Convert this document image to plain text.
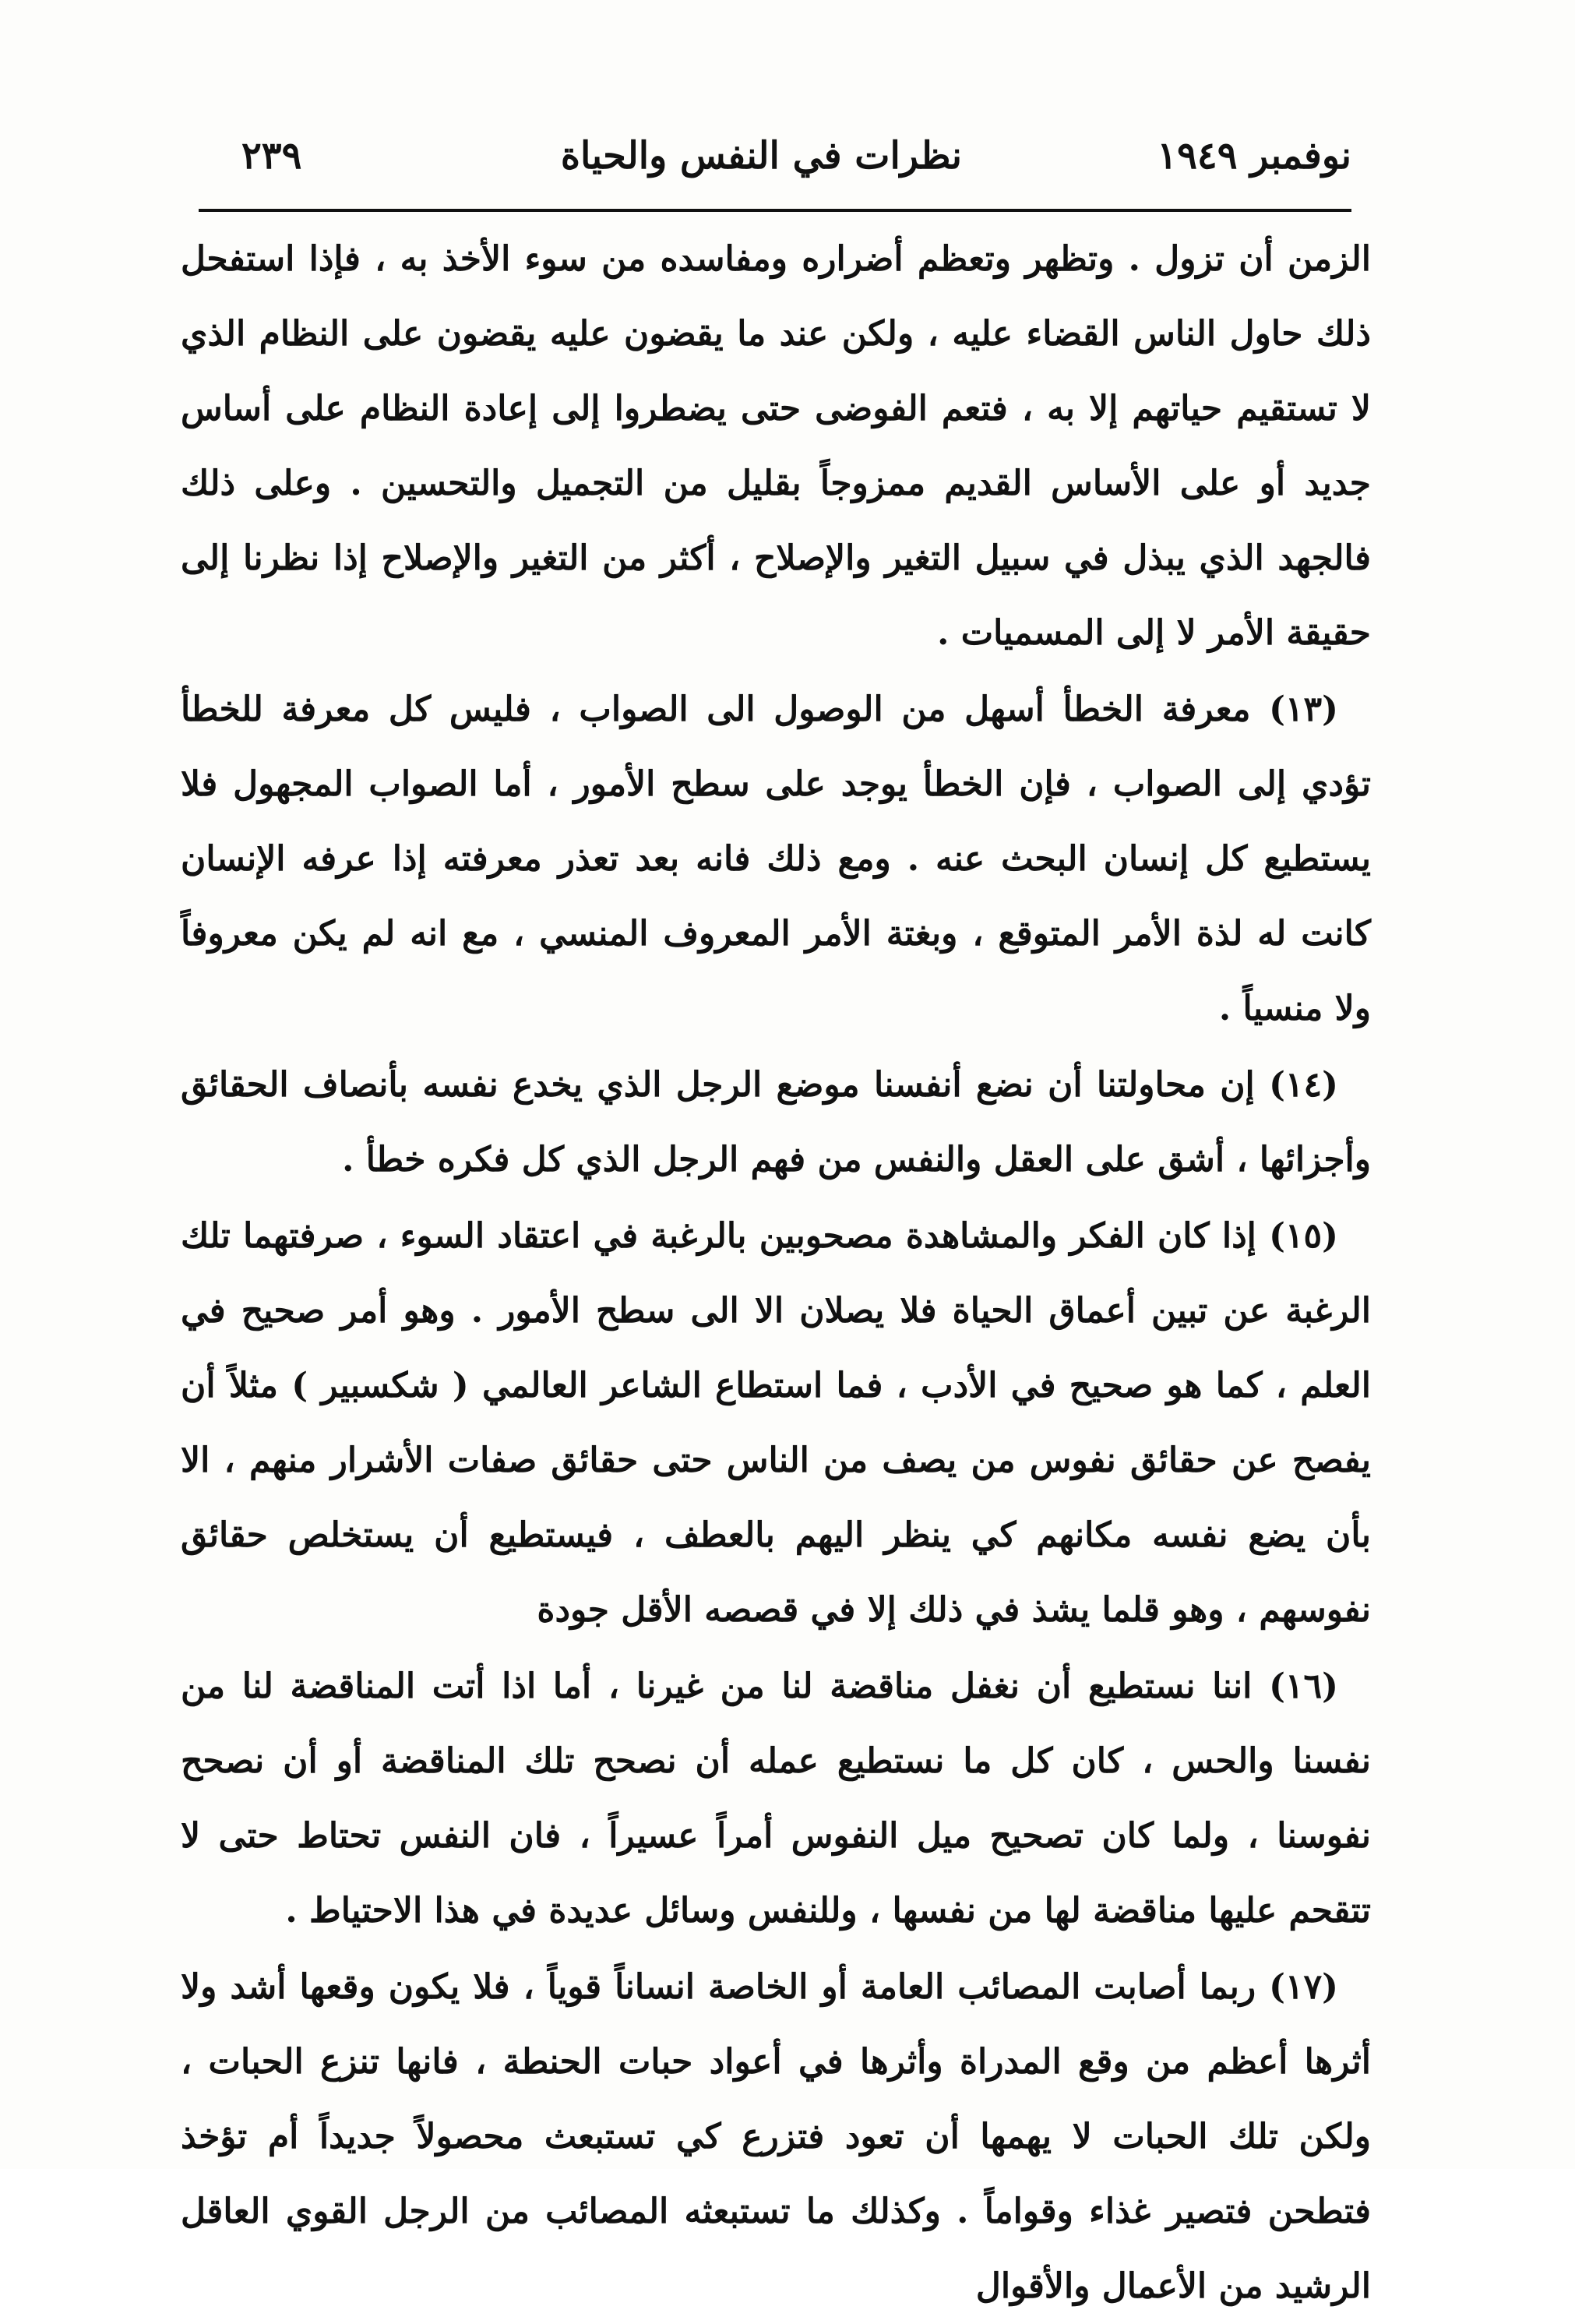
نوفمبر ١٩٤٩
نظرات في النفس والحياة
٢٣٩

الزمن أن تزول . وتظهر وتعظم أضراره ومفاسده من سوء الأخذ به ، فإذا استفحل ذلك حاول الناس القضاء عليه ، ولكن عند ما يقضون عليه يقضون على النظام الذي لا تستقيم حياتهم إلا به ، فتعم الفوضى حتى يضطروا إلى إعادة النظام على أساس جديد أو على الأساس القديم ممزوجاً بقليل من التجميل والتحسين . وعلى ذلك فالجهد الذي يبذل في سبيل التغير والإصلاح ، أكثر من التغير والإصلاح إذا نظرنا إلى حقيقة الأمر لا إلى المسميات .

(١٣) معرفة الخطأ أسهل من الوصول الى الصواب ، فليس كل معرفة للخطأ تؤدي إلى الصواب ، فإن الخطأ يوجد على سطح الأمور ، أما الصواب المجهول فلا يستطيع كل إنسان البحث عنه . ومع ذلك فانه بعد تعذر معرفته إذا عرفه الإنسان كانت له لذة الأمر المتوقع ، وبغتة الأمر المعروف المنسي ، مع انه لم يكن معروفاً ولا منسياً .

(١٤) إن محاولتنا أن نضع أنفسنا موضع الرجل الذي يخدع نفسه بأنصاف الحقائق وأجزائها ، أشق على العقل والنفس من فهم الرجل الذي كل فكره خطأ .

(١٥) إذا كان الفكر والمشاهدة مصحوبين بالرغبة في اعتقاد السوء ، صرفتهما تلك الرغبة عن تبين أعماق الحياة فلا يصلان الا الى سطح الأمور . وهو أمر صحيح في العلم ، كما هو صحيح في الأدب ، فما استطاع الشاعر العالمي ( شكسبير ) مثلاً أن يفصح عن حقائق نفوس من يصف من الناس حتى حقائق صفات الأشرار منهم ، الا بأن يضع نفسه مكانهم كي ينظر اليهم بالعطف ، فيستطيع أن يستخلص حقائق نفوسهم ، وهو قلما يشذ في ذلك إلا في قصصه الأقل جودة

(١٦) اننا نستطيع أن نغفل مناقضة لنا من غيرنا ، أما اذا أتت المناقضة لنا من نفسنا والحس ، كان كل ما نستطيع عمله أن نصحح تلك المناقضة أو أن نصحح نفوسنا ، ولما كان تصحيح ميل النفوس أمراً عسيراً ، فان النفس تحتاط حتى لا تتقحم عليها مناقضة لها من نفسها ، وللنفس وسائل عديدة في هذا الاحتياط .

(١٧) ربما أصابت المصائب العامة أو الخاصة انساناً قوياً ، فلا يكون وقعها أشد ولا أثرها أعظم من وقع المدراة وأثرها في أعواد حبات الحنطة ، فانها تنزع الحبات ، ولكن تلك الحبات لا يهمها أن تعود فتزرع كي تستبعث محصولاً جديداً أم تؤخذ فتطحن فتصير غذاء وقواماً . وكذلك ما تستبعثه المصائب من الرجل القوي العاقل الرشيد من الأعمال والأقوال
